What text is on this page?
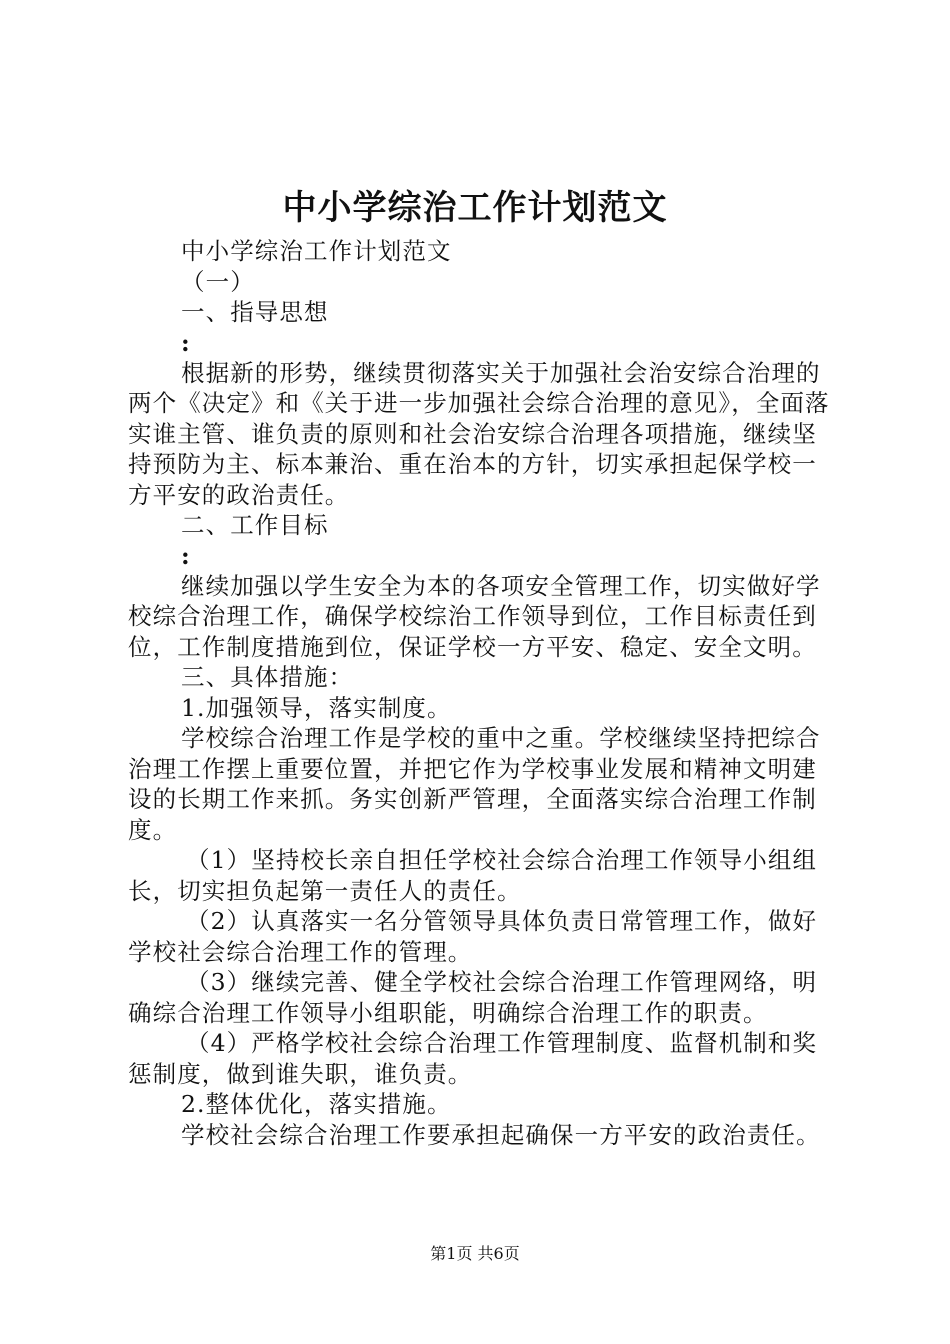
中小学综治工作计划范文

中小学综治工作计划范文

（一）

一、指导思想

:

根据新的形势，继续贯彻落实关于加强社会治安综合治理的两个《决定》和《关于进一步加强社会综合治理的意见》，全面落实谁主管、谁负责的原则和社会治安综合治理各项措施，继续坚持预防为主、标本兼治、重在治本的方针，切实承担起保学校一方平安的政治责任。

二、工作目标

:

继续加强以学生安全为本的各项安全管理工作，切实做好学校综合治理工作，确保学校综治工作领导到位，工作目标责任到位，工作制度措施到位，保证学校一方平安、稳定、安全文明。

三、具体措施：

1.加强领导，落实制度。

学校综合治理工作是学校的重中之重。学校继续坚持把综合治理工作摆上重要位置，并把它作为学校事业发展和精神文明建设的长期工作来抓。务实创新严管理，全面落实综合治理工作制度。

（1）坚持校长亲自担任学校社会综合治理工作领导小组组长，切实担负起第一责任人的责任。

（2）认真落实一名分管领导具体负责日常管理工作，做好学校社会综合治理工作的管理。

（3）继续完善、健全学校社会综合治理工作管理网络，明确综合治理工作领导小组职能，明确综合治理工作的职责。

（4）严格学校社会综合治理工作管理制度、监督机制和奖惩制度，做到谁失职，谁负责。

2.整体优化，落实措施。

学校社会综合治理工作要承担起确保一方平安的政治责任。

第1页 共6页
